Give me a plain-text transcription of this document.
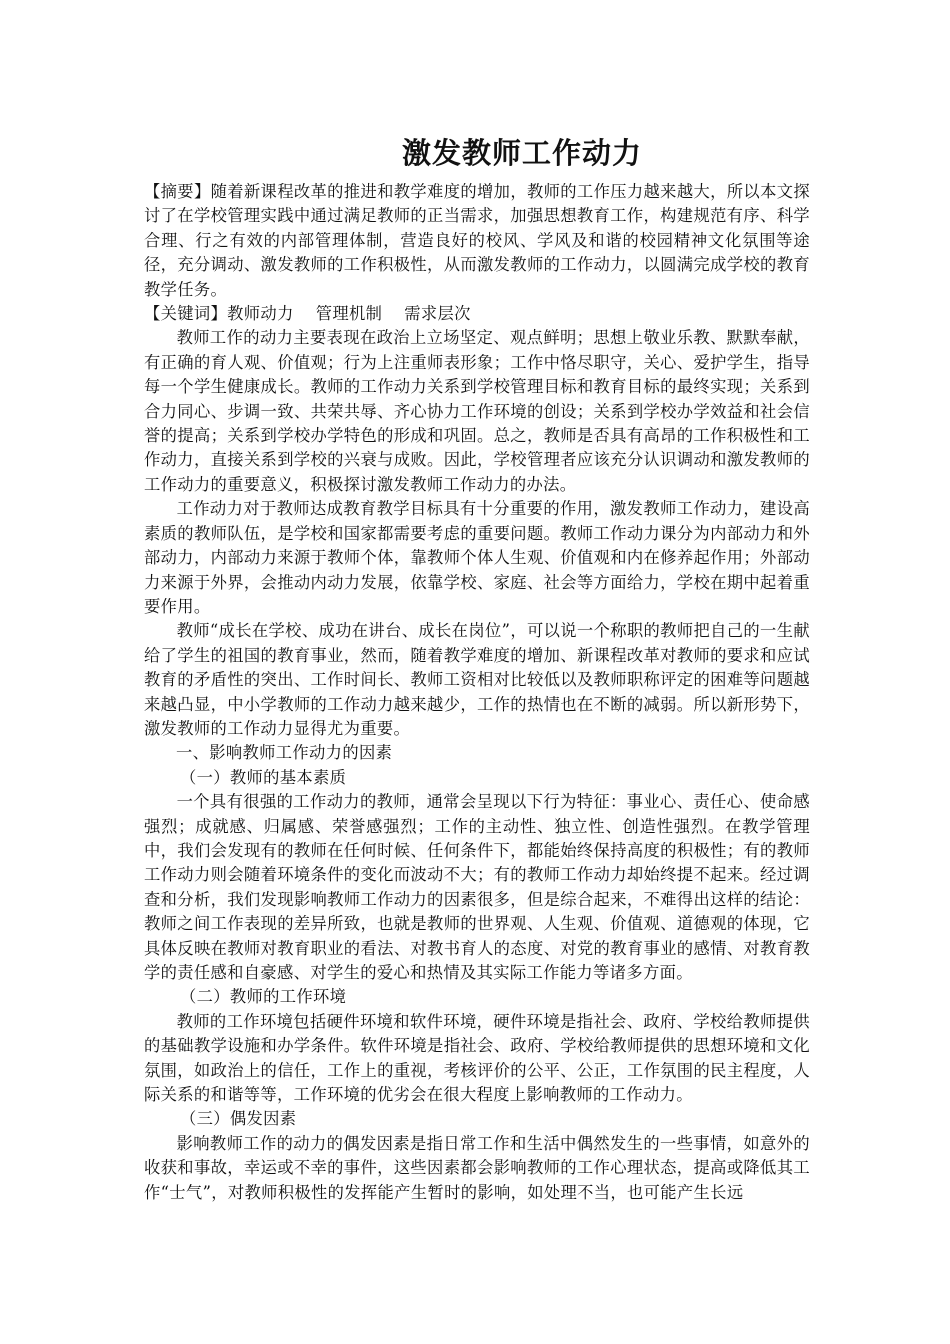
激发教师工作动力

【摘要】随着新课程改革的推进和教学难度的增加，教师的工作压力越来越大，所以本文探讨了在学校管理实践中通过满足教师的正当需求，加强思想教育工作，构建规范有序、科学合理、行之有效的内部管理体制，营造良好的校风、学风及和谐的校园精神文化氛围等途径，充分调动、激发教师的工作积极性，从而激发教师的工作动力，以圆满完成学校的教育教学任务。

【关键词】教师动力 管理机制 需求层次

教师工作的动力主要表现在政治上立场坚定、观点鲜明；思想上敬业乐教、默默奉献，有正确的育人观、价值观；行为上注重师表形象；工作中恪尽职守，关心、爱护学生，指导每一个学生健康成长。教师的工作动力关系到学校管理目标和教育目标的最终实现；关系到合力同心、步调一致、共荣共辱、齐心协力工作环境的创设；关系到学校办学效益和社会信誉的提高；关系到学校办学特色的形成和巩固。总之，教师是否具有高昂的工作积极性和工作动力，直接关系到学校的兴衰与成败。因此，学校管理者应该充分认识调动和激发教师的工作动力的重要意义，积极探讨激发教师工作动力的办法。

工作动力对于教师达成教育教学目标具有十分重要的作用，激发教师工作动力，建设高素质的教师队伍，是学校和国家都需要考虑的重要问题。教师工作动力课分为内部动力和外部动力，内部动力来源于教师个体，靠教师个体人生观、价值观和内在修养起作用；外部动力来源于外界，会推动内动力发展，依靠学校、家庭、社会等方面给力，学校在期中起着重要作用。

教师“成长在学校、成功在讲台、成长在岗位”，可以说一个称职的教师把自己的一生献给了学生的祖国的教育事业，然而，随着教学难度的增加、新课程改革对教师的要求和应试教育的矛盾性的突出、工作时间长、教师工资相对比较低以及教师职称评定的困难等问题越来越凸显，中小学教师的工作动力越来越少，工作的热情也在不断的减弱。所以新形势下，激发教师的工作动力显得尤为重要。

一、影响教师工作动力的因素

（一）教师的基本素质

一个具有很强的工作动力的教师，通常会呈现以下行为特征：事业心、责任心、使命感强烈；成就感、归属感、荣誉感强烈；工作的主动性、独立性、创造性强烈。在教学管理中，我们会发现有的教师在任何时候、任何条件下，都能始终保持高度的积极性；有的教师工作动力则会随着环境条件的变化而波动不大；有的教师工作动力却始终提不起来。经过调查和分析，我们发现影响教师工作动力的因素很多，但是综合起来，不难得出这样的结论：教师之间工作表现的差异所致，也就是教师的世界观、人生观、价值观、道德观的体现，它具体反映在教师对教育职业的看法、对教书育人的态度、对党的教育事业的感情、对教育教学的责任感和自豪感、对学生的爱心和热情及其实际工作能力等诸多方面。

（二）教师的工作环境

教师的工作环境包括硬件环境和软件环境，硬件环境是指社会、政府、学校给教师提供的基础教学设施和办学条件。软件环境是指社会、政府、学校给教师提供的思想环境和文化氛围，如政治上的信任，工作上的重视，考核评价的公平、公正，工作氛围的民主程度，人际关系的和谐等等，工作环境的优劣会在很大程度上影响教师的工作动力。

（三）偶发因素

影响教师工作的动力的偶发因素是指日常工作和生活中偶然发生的一些事情，如意外的收获和事故，幸运或不幸的事件，这些因素都会影响教师的工作心理状态，提高或降低其工作“士气”，对教师积极性的发挥能产生暂时的影响，如处理不当，也可能产生长远
